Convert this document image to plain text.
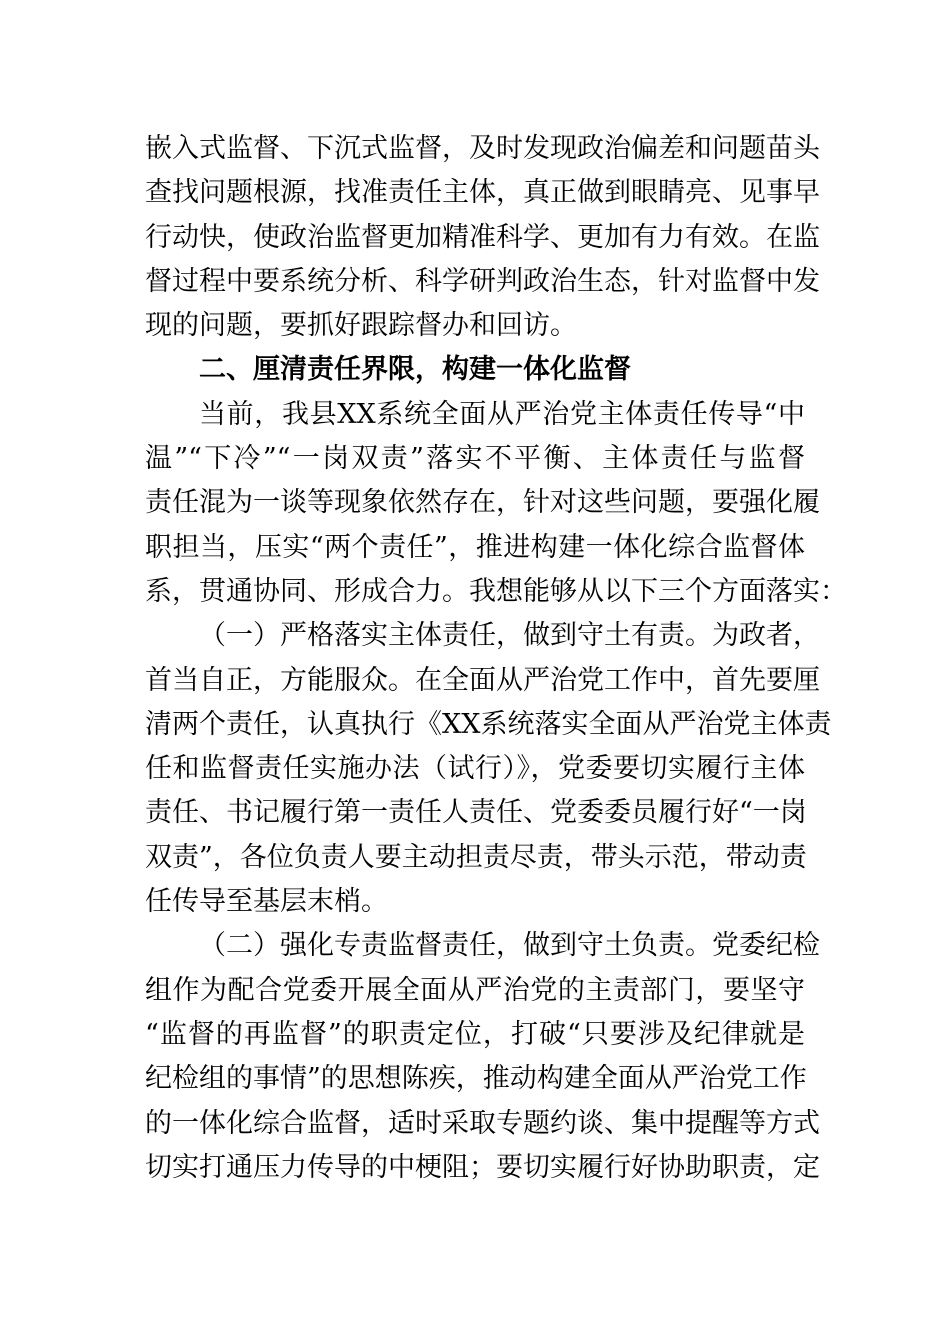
嵌入式监督、下沉式监督，及时发现政治偏差和问题苗头
查找问题根源，找准责任主体，真正做到眼睛亮、见事早
行动快，使政治监督更加精准科学、更加有力有效。在监
督过程中要系统分析、科学研判政治生态，针对监督中发
现的问题，要抓好跟踪督办和回访。
二、厘清责任界限，构建一体化监督
当前，我县XX系统全面从严治党主体责任传导“中
温”“下冷”“一岗双责”落实不平衡、主体责任与监督
责任混为一谈等现象依然存在，针对这些问题，要强化履
职担当，压实“两个责任”，推进构建一体化综合监督体
系，贯通协同、形成合力。我想能够从以下三个方面落实：
（一）严格落实主体责任，做到守土有责。为政者，
首当自正，方能服众。在全面从严治党工作中，首先要厘
清两个责任，认真执行《XX系统落实全面从严治党主体责
任和监督责任实施办法（试行）》，党委要切实履行主体
责任、书记履行第一责任人责任、党委委员履行好“一岗
双责”，各位负责人要主动担责尽责，带头示范，带动责
任传导至基层末梢。
（二）强化专责监督责任，做到守土负责。党委纪检
组作为配合党委开展全面从严治党的主责部门，要坚守
“监督的再监督”的职责定位，打破“只要涉及纪律就是
纪检组的事情”的思想陈疾，推动构建全面从严治党工作
的一体化综合监督，适时采取专题约谈、集中提醒等方式
切实打通压力传导的中梗阻；要切实履行好协助职责，定
